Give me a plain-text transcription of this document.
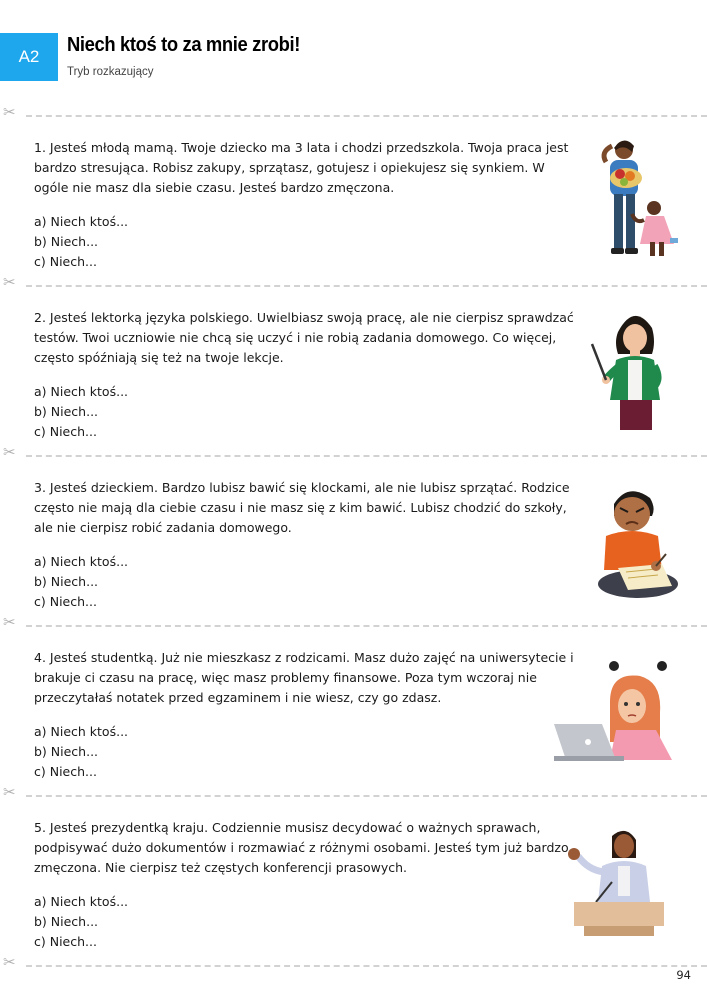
A2
Niech ktoś to za mnie zrobi!
Tryb rozkazujący
✂
✂
✂
✂
✂
✂

1. Jesteś młodą mamą. Twoje dziecko ma 3 lata i chodzi przedszkola. Twoja praca jest bardzo stresująca. Robisz zakupy, sprzątasz, gotujesz i opiekujesz się synkiem. W ogóle nie masz dla siebie czasu. Jesteś bardzo zmęczona.

a) Niech ktoś...
b) Niech...
c) Niech...

2. Jesteś lektorką języka polskiego. Uwielbiasz swoją pracę, ale nie cierpisz sprawdzać testów. Twoi uczniowie nie chcą się uczyć i nie robią zadania domowego. Co więcej, często spóźniają się też na twoje lekcje.

a) Niech ktoś...
b) Niech...
c) Niech...

3. Jesteś dzieckiem. Bardzo lubisz bawić się klockami, ale nie lubisz sprzątać. Rodzice często nie mają dla ciebie czasu i nie masz się z kim bawić. Lubisz chodzić do szkoły, ale nie cierpisz robić zadania domowego.

a) Niech ktoś...
b) Niech...
c) Niech...

4. Jesteś studentką. Już nie mieszkasz z rodzicami. Masz dużo zajęć na uniwersytecie i brakuje ci czasu na pracę, więc masz problemy finansowe. Poza tym wczoraj nie przeczytałaś notatek przed egzaminem i nie wiesz, czy go zdasz.

a) Niech ktoś...
b) Niech...
c) Niech...

5. Jesteś prezydentką kraju. Codziennie musisz decydować o ważnych sprawach, podpisywać dużo dokumentów i rozmawiać z różnymi osobami. Jesteś tym już bardzo zmęczona. Nie cierpisz też częstych konferencji prasowych.

a) Niech ktoś...
b) Niech...
c) Niech...
94
